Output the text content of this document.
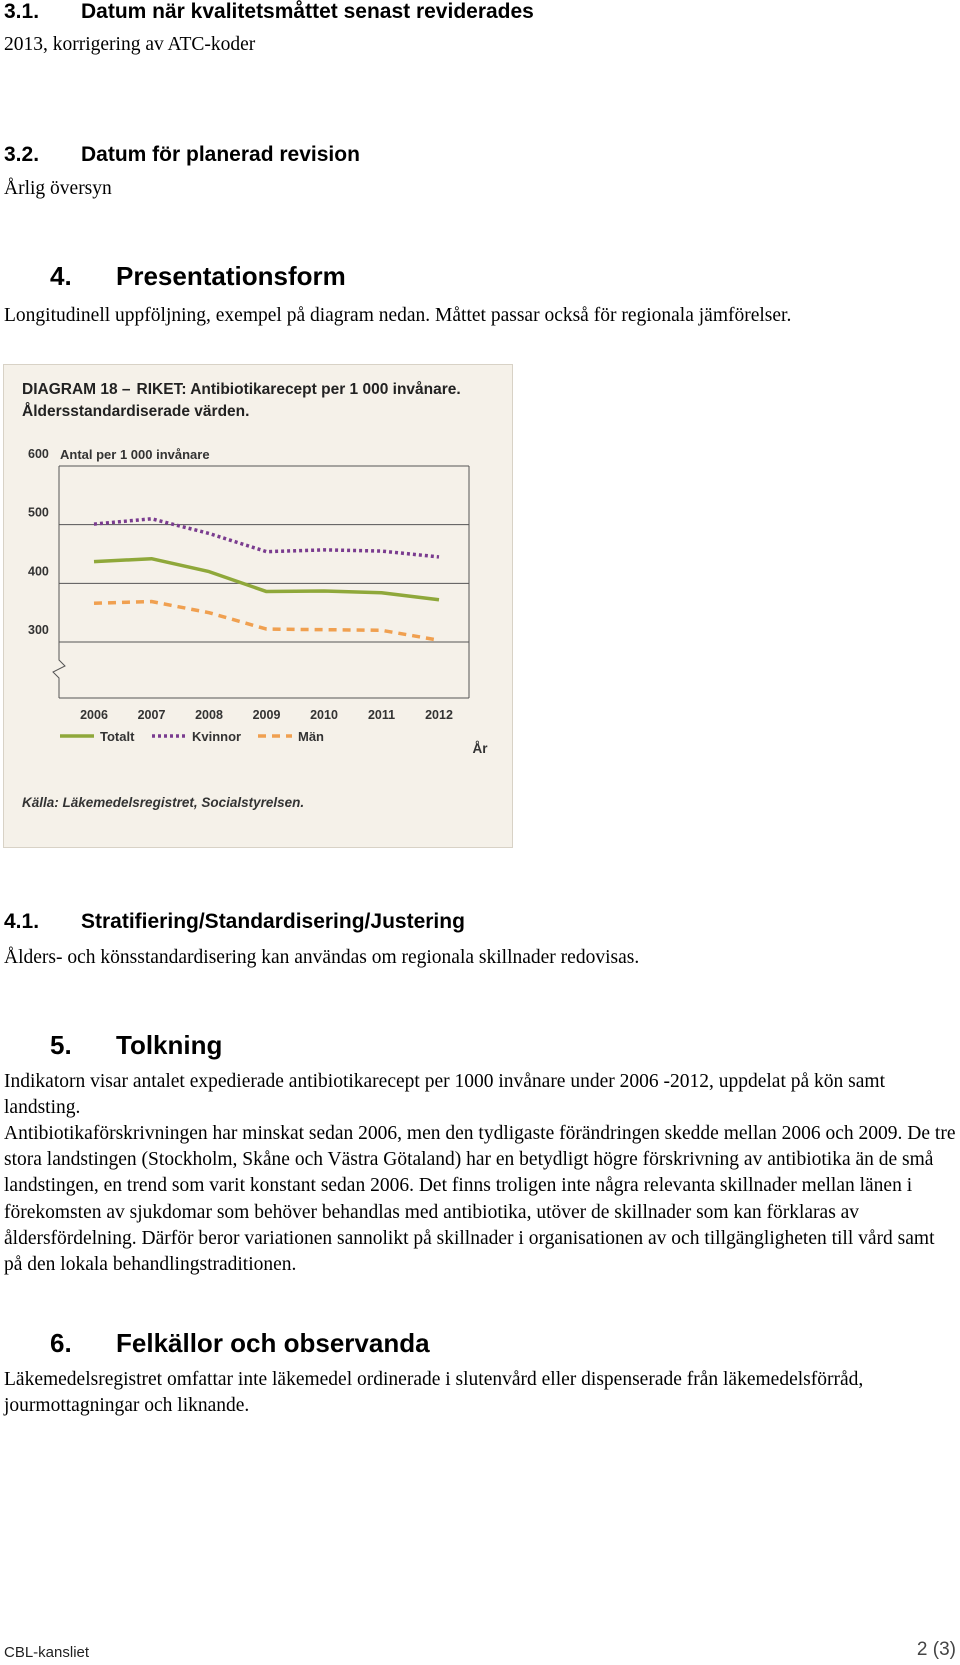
3.1. Datum när kvalitetsmåttet senast reviderades
2013, korrigering av ATC-koder
3.2. Datum för planerad revision
Årlig översyn
4. Presentationsform
Longitudinell uppföljning, exempel på diagram nedan. Måttet passar också för regionala jämförelser.
DIAGRAM 18 – RIKET: Antibiotikarecept per 1 000 invånare.
Åldersstandardiserade värden.
Antal per 1 000 invånare
600
500
400
300
2006 2007 2008 2009 2010 2011 2012
År
Totalt	Kvinnor	Män
Källa: Läkemedelsregistret, Socialstyrelsen.
4.1. Stratifiering/Standardisering/Justering
Ålders- och könsstandardisering kan användas om regionala skillnader redovisas.
5. Tolkning
Indikatorn visar antalet expedierade antibiotikarecept per 1000 invånare under 2006 -2012, uppdelat på kön samt landsting.
Antibiotikaförskrivningen har minskat sedan 2006, men den tydligaste förändringen skedde mellan 2006 och 2009. De tre stora landstingen (Stockholm, Skåne och Västra Götaland) har en betydligt högre förskrivning av antibiotika än de små landstingen, en trend som varit konstant sedan 2006. Det finns troligen inte några relevanta skillnader mellan länen i förekomsten av sjukdomar som behöver behandlas med antibiotika, utöver de skillnader som kan förklaras av åldersfördelning. Därför beror variationen sannolikt på skillnader i organisationen av och tillgängligheten till vård samt på den lokala behandlingstraditionen.
6. Felkällor och observanda
Läkemedelsregistret omfattar inte läkemedel ordinerade i slutenvård eller dispenserade från läkemedelsförråd, jourmottagningar och liknande.
CBL-kansliet	2 (3)
